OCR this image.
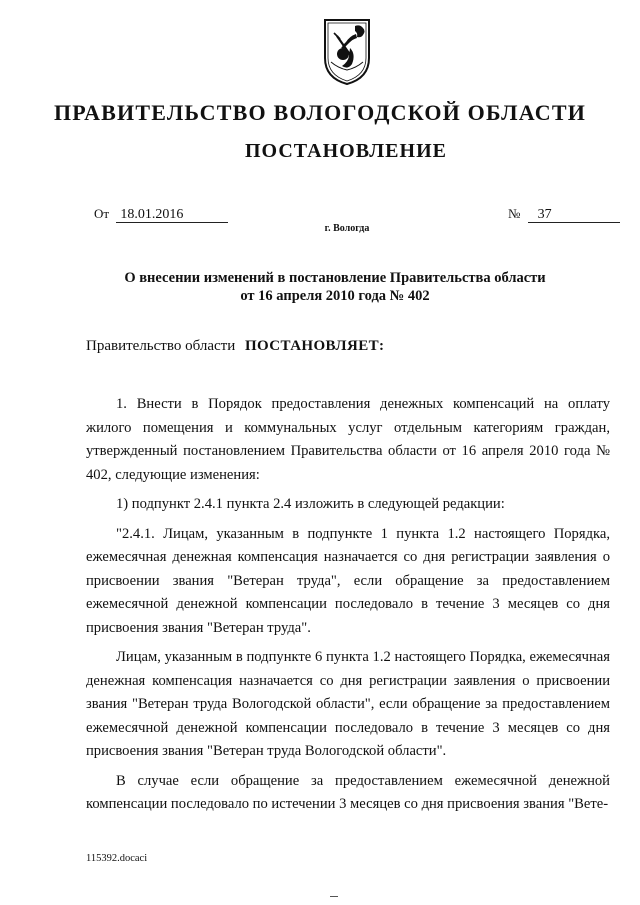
ПРАВИТЕЛЬСТВО ВОЛОГОДСКОЙ ОБЛАСТИ
ПОСТАНОВЛЕНИЕ
От 18.01.2016	№ 37
г. Вологда
О внесении изменений в постановление Правительства области
от 16 апреля 2010 года № 402
Правительство области ПОСТАНОВЛЯЕТ:

1. Внести в Порядок предоставления денежных компенсаций на оплату жилого помещения и коммунальных услуг отдельным категориям граждан, утвержденный постановлением Правительства области от 16 апреля 2010 года № 402, следующие изменения:

1) подпункт 2.4.1 пункта 2.4 изложить в следующей редакции:

"2.4.1. Лицам, указанным в подпункте 1 пункта 1.2 настоящего Порядка, ежемесячная денежная компенсация назначается со дня регистрации заявления о присвоении звания "Ветеран труда", если обращение за предоставлением ежемесячной денежной компенсации последовало в течение 3 месяцев со дня присвоения звания "Ветеран труда".

Лицам, указанным в подпункте 6 пункта 1.2 настоящего Порядка, ежемесячная денежная компенсация назначается со дня регистрации заявления о присвоении звания "Ветеран труда Вологодской области", если обращение за предоставлением ежемесячной денежной компенсации последовало в течение 3 месяцев со дня присвоения звания "Ветеран труда Вологодской области".

В случае если обращение за предоставлением ежемесячной денежной компенсации последовало по истечении 3 месяцев со дня присвоения звания "Вете-

115392.docaci
